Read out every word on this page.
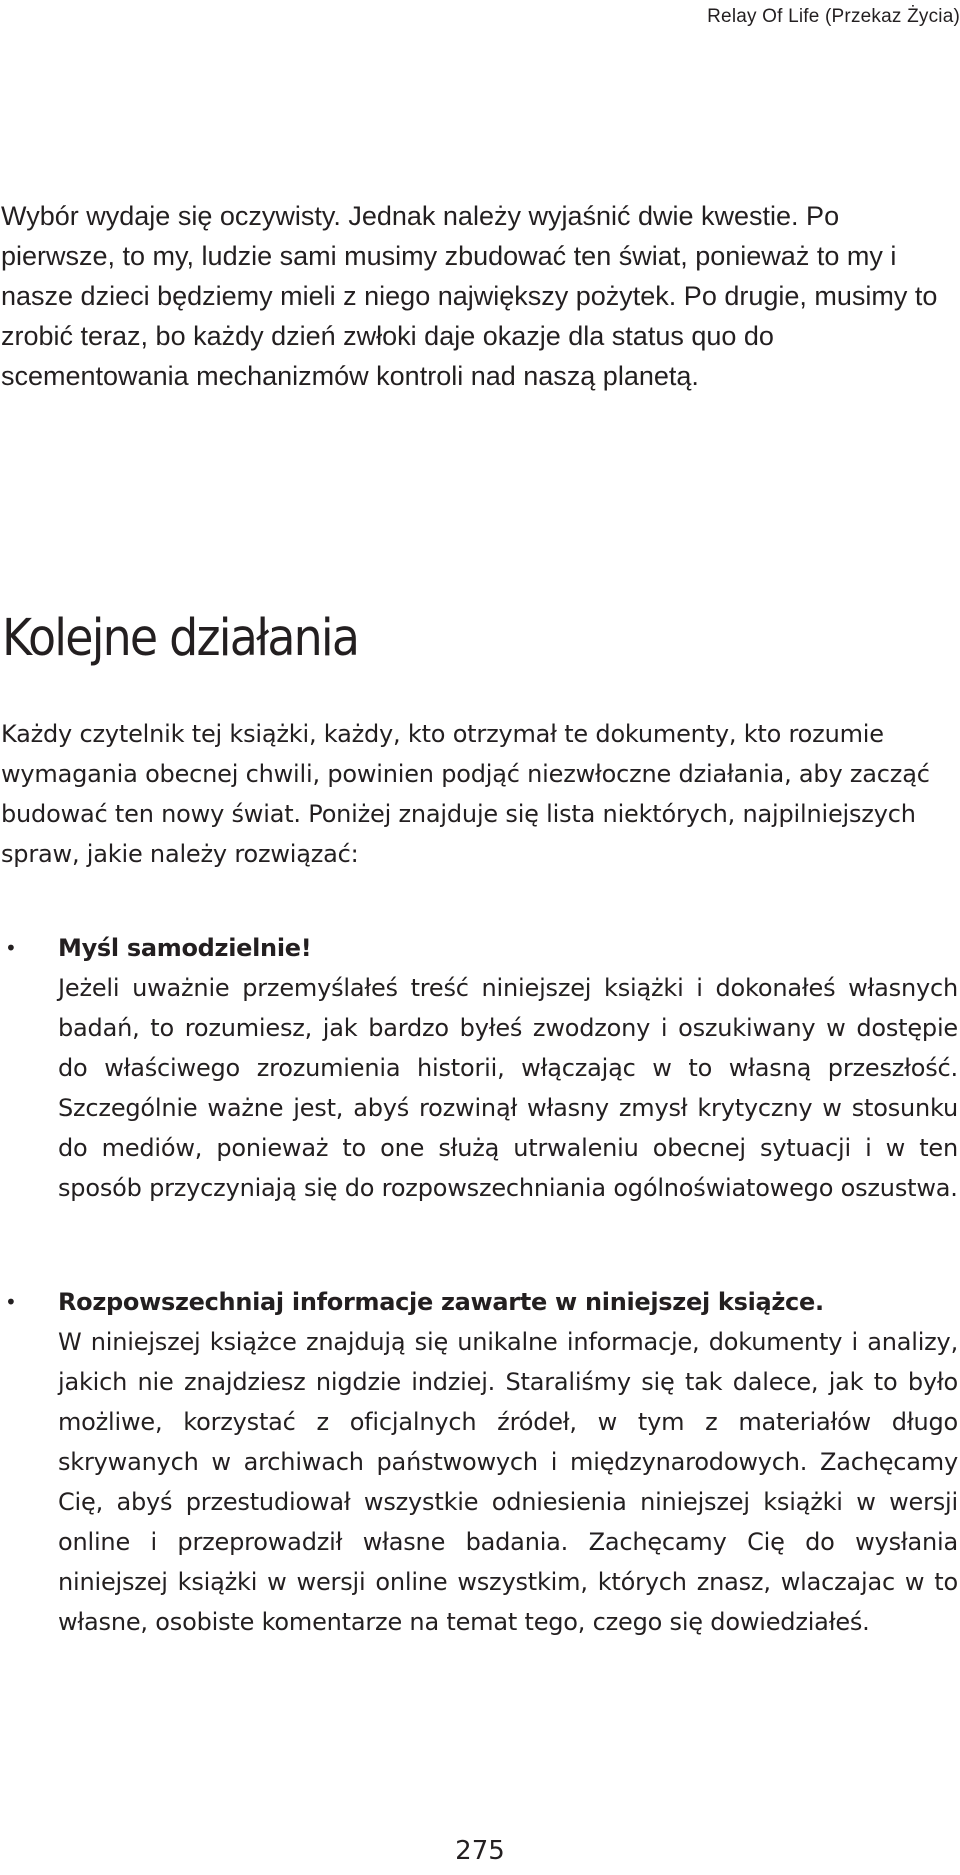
Relay Of Life (Przekaz Życia)

Wybór wydaje się oczywisty. Jednak należy wyjaśnić dwie kwestie. Po pierwsze, to my, ludzie sami musimy zbudować ten świat, ponieważ to my i nasze dzieci będziemy mieli z niego największy pożytek. Po drugie, musimy to zrobić teraz, bo każdy dzień zwłoki daje okazje dla status quo do scementowania mechanizmów kontroli nad naszą planetą.

Kolejne działania

Każdy czytelnik tej książki, każdy, kto otrzymał te dokumenty, kto rozumie wymagania obecnej chwili, powinien podjąć niezwłoczne działania, aby zacząć budować ten nowy świat. Poniżej znajduje się lista niektórych, najpilniejszych spraw, jakie należy rozwiązać:

• Myśl samodzielnie!

Jeżeli uważnie przemyślałeś treść niniejszej książki i dokonałeś własnych badań, to rozumiesz, jak bardzo byłeś zwodzony i oszukiwany w dostępie do właściwego zrozumienia historii, włączając w to własną przeszłość. Szczególnie ważne jest, abyś rozwinął własny zmysł krytyczny w stosunku do mediów, ponieważ to one służą utrwaleniu obecnej sytuacji i w ten sposób przyczyniają się do rozpowszechniania ogólnoświatowego oszustwa.

• Rozpowszechniaj informacje zawarte w niniejszej książce.

W niniejszej książce znajdują się unikalne informacje, dokumenty i analizy, jakich nie znajdziesz nigdzie indziej. Staraliśmy się tak dalece, jak to było możliwe, korzystać z oficjalnych źródeł, w tym z materiałów długo skrywanych w archiwach państwowych i międzynarodowych. Zachęcamy Cię, abyś przestudiował wszystkie odniesienia niniejszej książki w wersji online i przeprowadził własne badania. Zachęcamy Cię do wysłania niniejszej książki w wersji online wszystkim, których znasz, wlaczajac w to własne, osobiste komentarze na temat tego, czego się dowiedziałeś.

275
